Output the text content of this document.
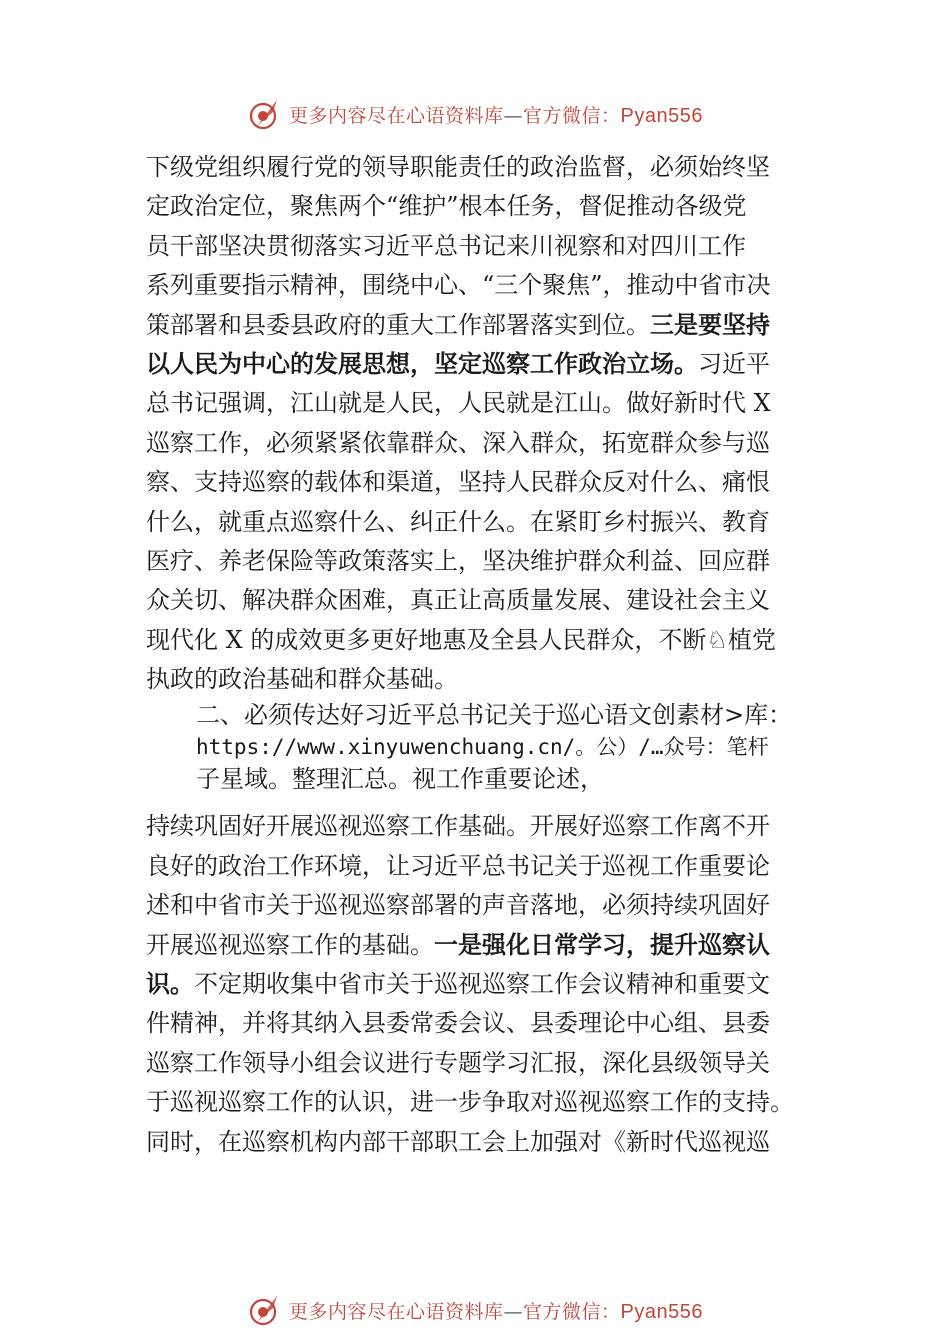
更多内容尽在心语资料库—官方微信：Pyan556
下级党组织履行党的领导职能责任的政治监督，必须始终坚
定政治定位，聚焦两个“维护”根本任务，督促推动各级党
员干部坚决贯彻落实习近平总书记来川视察和对四川工作
系列重要指示精神，围绕中心、“三个聚焦”，推动中省市决
策部署和县委县政府的重大工作部署落实到位。三是要坚持
以人民为中心的发展思想，坚定巡察工作政治立场。习近平
总书记强调，江山就是人民，人民就是江山。做好新时代 X
巡察工作，必须紧紧依靠群众、深入群众，拓宽群众参与巡
察、支持巡察的载体和渠道，坚持人民群众反对什么、痛恨
什么，就重点巡察什么、纠正什么。在紧盯乡村振兴、教育
医疗、养老保险等政策落实上，坚决维护群众利益、回应群
众关切、解决群众困难，真正让高质量发展、建设社会主义
现代化 X 的成效更多更好地惠及全县人民群众，不断♘植党
执政的政治基础和群众基础。
二、必须传达好习近平总书记关于巡心语文创素材>库：
https://www.xinyuwenchuang.cn/。公）/…众号：笔杆
子星域。整理汇总。视工作重要论述，
持续巩固好开展巡视巡察工作基础。开展好巡察工作离不开
良好的政治工作环境，让习近平总书记关于巡视工作重要论
述和中省市关于巡视巡察部署的声音落地，必须持续巩固好
开展巡视巡察工作的基础。一是强化日常学习，提升巡察认
识。不定期收集中省市关于巡视巡察工作会议精神和重要文
件精神，并将其纳入县委常委会议、县委理论中心组、县委
巡察工作领导小组会议进行专题学习汇报，深化县级领导关
于巡视巡察工作的认识，进一步争取对巡视巡察工作的支持。
同时，在巡察机构内部干部职工会上加强对《新时代巡视巡
更多内容尽在心语资料库—官方微信：Pyan556
